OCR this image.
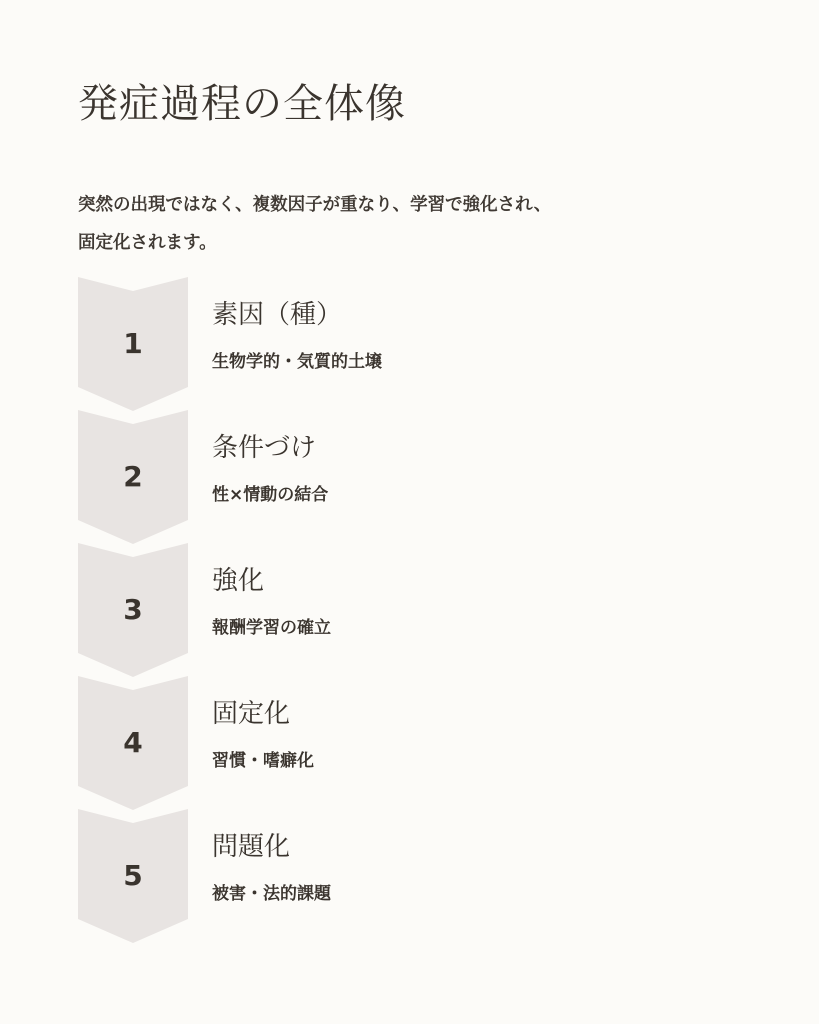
発症過程の全体像

突然の出現ではなく、複数因子が重なり、学習で強化され、
固定化されます。

1
素因（種）
生物学的・気質的土壌
2
条件づけ
性×情動の結合
3
強化
報酬学習の確立
4
固定化
習慣・嗜癖化
5
問題化
被害・法的課題
